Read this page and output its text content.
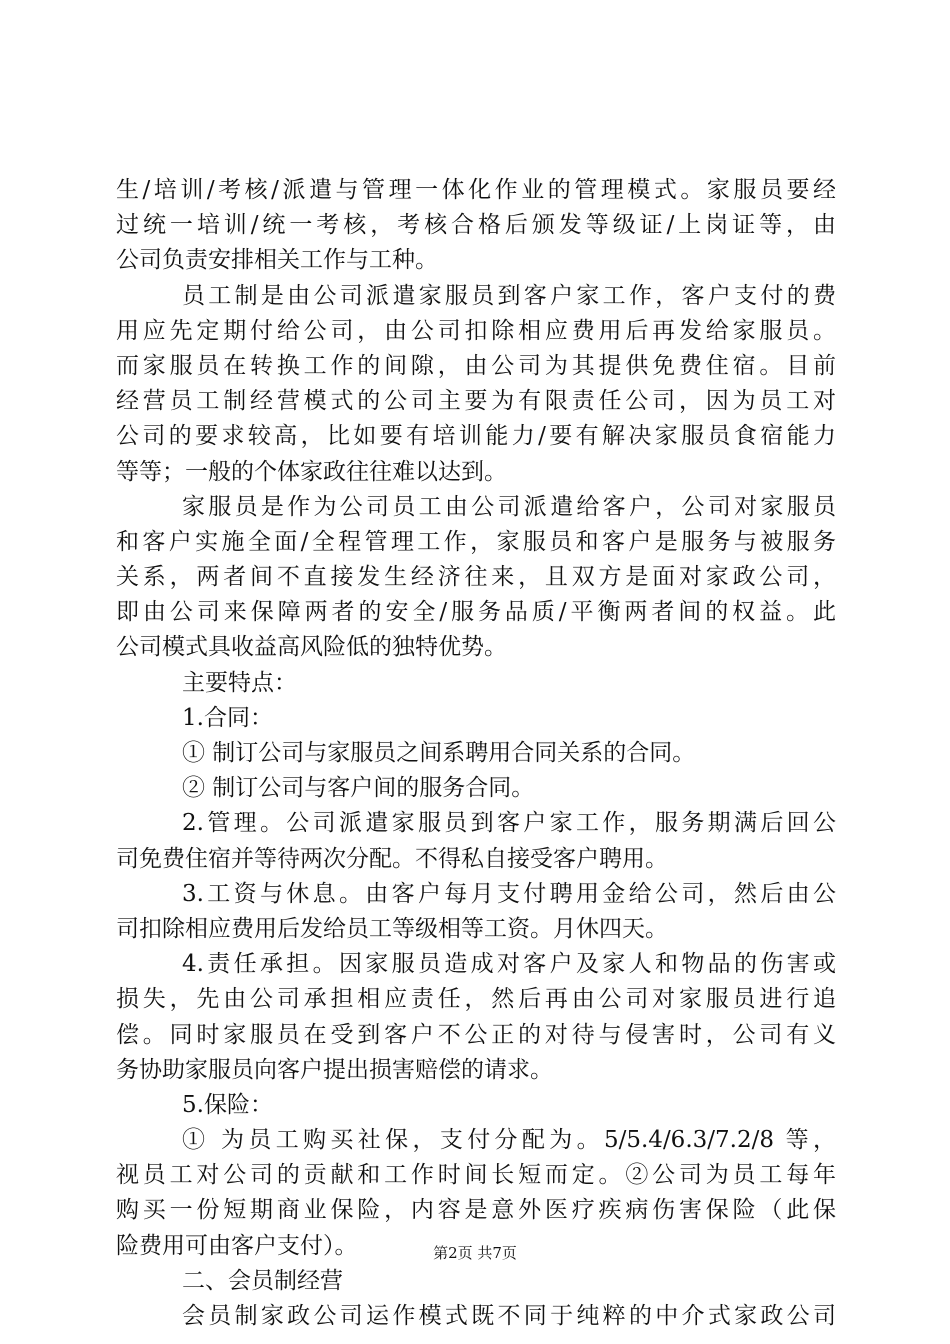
生/培训/考核/派遣与管理一体化作业的管理模式。家服员要经
过统一培训/统一考核，考核合格后颁发等级证/上岗证等，由
公司负责安排相关工作与工种。
员工制是由公司派遣家服员到客户家工作，客户支付的费
用应先定期付给公司，由公司扣除相应费用后再发给家服员。
而家服员在转换工作的间隙，由公司为其提供免费住宿。目前
经营员工制经营模式的公司主要为有限责任公司，因为员工对
公司的要求较高，比如要有培训能力/要有解决家服员食宿能力
等等；一般的个体家政往往难以达到。
家服员是作为公司员工由公司派遣给客户，公司对家服员
和客户实施全面/全程管理工作，家服员和客户是服务与被服务
关系，两者间不直接发生经济往来，且双方是面对家政公司，
即由公司来保障两者的安全/服务品质/平衡两者间的权益。此
公司模式具收益高风险低的独特优势。
主要特点：
1.合同：
① 制订公司与家服员之间系聘用合同关系的合同。
② 制订公司与客户间的服务合同。
2.管理。公司派遣家服员到客户家工作，服务期满后回公
司免费住宿并等待两次分配。不得私自接受客户聘用。
3.工资与休息。由客户每月支付聘用金给公司，然后由公
司扣除相应费用后发给员工等级相等工资。月休四天。
4.责任承担。因家服员造成对客户及家人和物品的伤害或
损失，先由公司承担相应责任，然后再由公司对家服员进行追
偿。同时家服员在受到客户不公正的对待与侵害时，公司有义
务协助家服员向客户提出损害赔偿的请求。
5.保险：
① 为员工购买社保，支付分配为。5/5.4/6.3/7.2/8 等，
视员工对公司的贡献和工作时间长短而定。②公司为员工每年
购买一份短期商业保险，内容是意外医疗疾病伤害保险（此保
险费用可由客户支付）。
二、会员制经营
会员制家政公司运作模式既不同于纯粹的中介式家政公司
第2页 共7页
